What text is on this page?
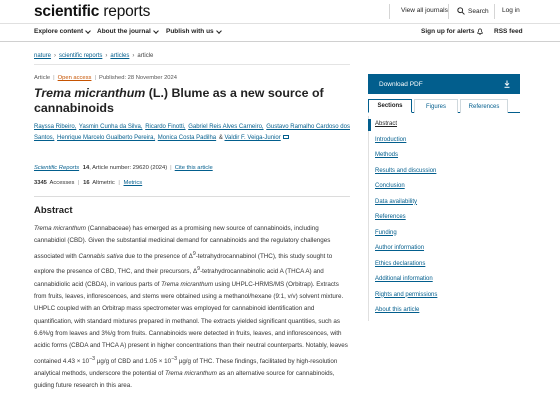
scientific reports	View all journals	Search Log in
Explore content About the journal Publish with us	Sign up for alerts	RSS feed
nature › scientific reports › articles › article
Article | Open access | Published: 28 November 2024
Trema micranthum (L.) Blume as a new source of cannabinoids
Rayssa Ribeiro, Yasmin Cunha da Silva, Ricardo Finotti, Gabriel Reis Alves Carneiro, Gustavo Ramalho Cardoso dos Santos, Henrique Marcelo Gualberto Pereira, Monica Costa Padilha & Valdir F. Veiga-Junior
Scientific Reports 14, Article number: 29620 (2024) | Cite this article
3345 Accesses | 16 Altmetric | Metrics
Abstract

Trema micranthum (Cannabaceae) has emerged as a promising new source of cannabinoids, including cannabidiol (CBD). Given the substantial medicinal demand for cannabinoids and the regulatory challenges associated with Cannabis sativa due to the presence of $\Delta^9$-tetrahydrocannabinol (THC), this study sought to explore the presence of CBD, THC, and their precursors, $\Delta^9$-tetrahydrocannabinolic acid A (THCA A) and cannabidiolic acid (CBDA), in various parts of Trema micranthum using UHPLC-HRMS/MS (Orbitrap). Extracts from fruits, leaves, inflorescences, and stems were obtained using a methanol/hexane (9:1, v/v) solvent mixture. UHPLC coupled with an Orbitrap mass spectrometer was employed for cannabinoid identification and quantification, with standard mixtures prepared in methanol. The extracts yielded significant quantities, such as 6.6%/g from leaves and 3%/g from fruits. Cannabinoids were detected in fruits, leaves, and inflorescences, with acidic forms (CBDA and THCA A) present in higher concentrations than their neutral counterparts. Notably, leaves contained $4.43 \times 10^{-3}$ µg/g of CBD and $1.05 \times 10^{-3}$ µg/g of THC. These findings, facilitated by high-resolution analytical methods, underscore the potential of Trema micranthum as an alternative source for cannabinoids, guiding future research in this area.

Download PDF
Sections	Figures	References
Abstract
Introduction
Methods
Results and discussion
Conclusion
Data availability
References
Funding
Author information
Ethics declarations
Additional information
Rights and permissions
About this article
